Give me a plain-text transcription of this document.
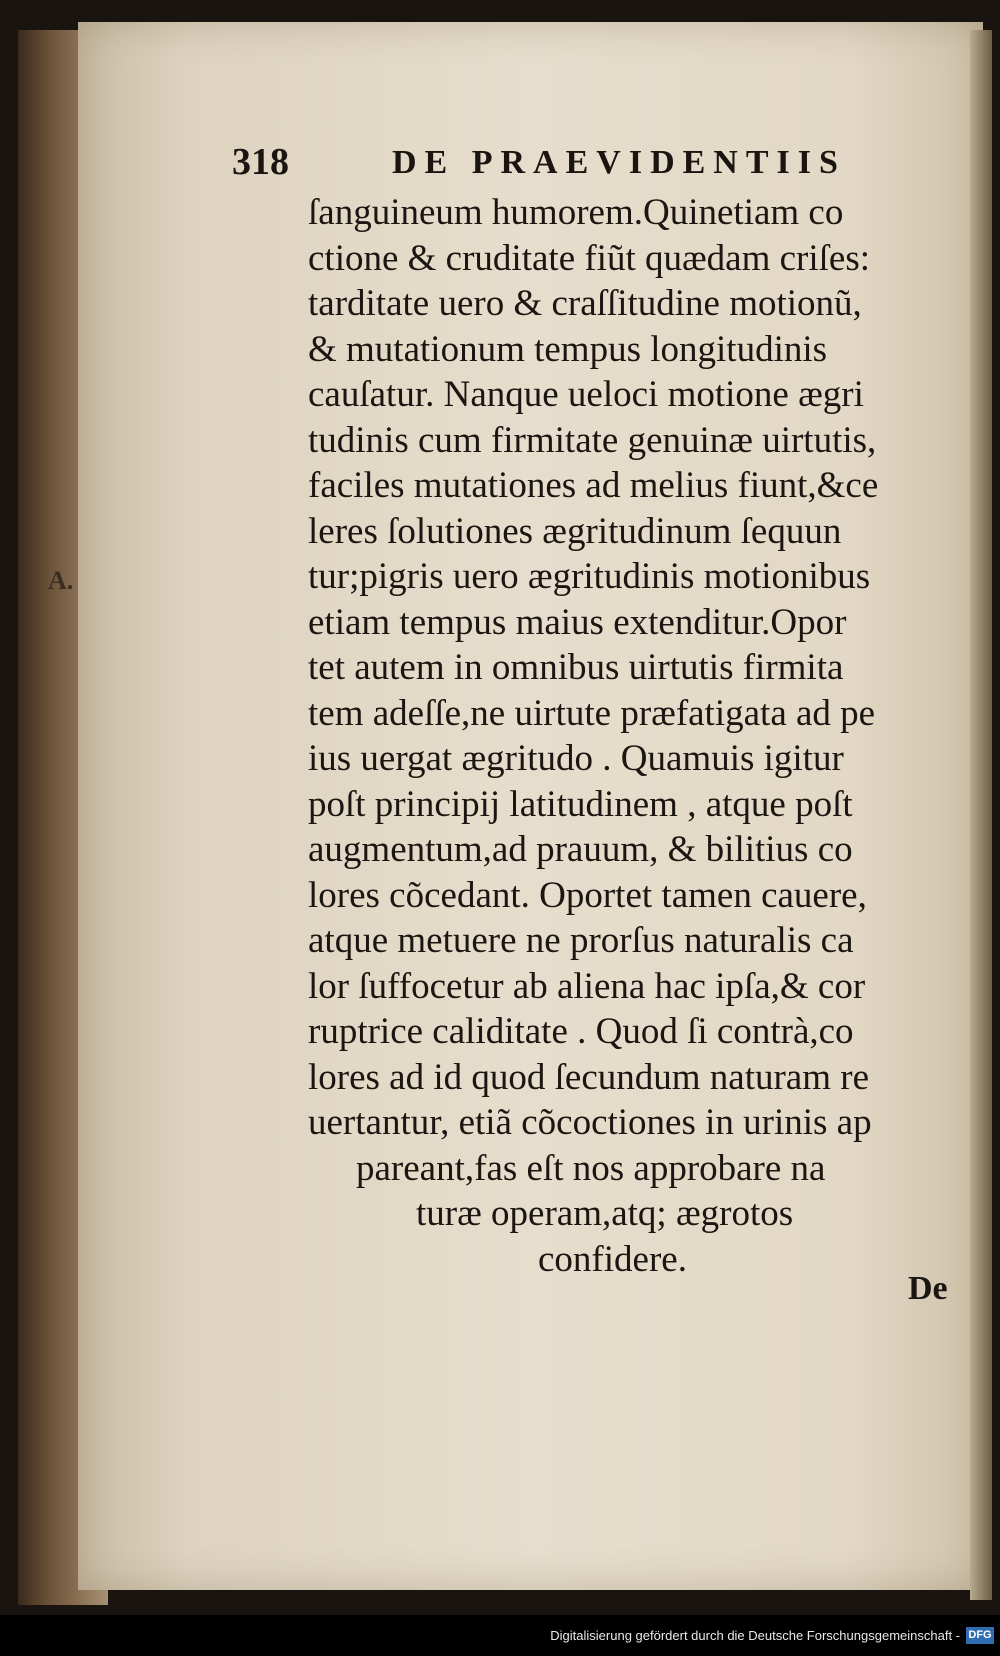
A.
318	DE PRAEVIDENTIIS
ſanguineum humorem.Quinetiam co
ctione & cruditate fiũt quædam criſes:
tarditate uero & craſſitudine motionũ,
& mutationum tempus longitudinis
cauſatur. Nanque ueloci motione ægri
tudinis cum firmitate genuinæ uirtutis,
faciles mutationes ad melius fiunt,&ce
leres ſolutiones ægritudinum ſequun
tur;pigris uero ægritudinis motionibus
etiam tempus maius extenditur.Opor
tet autem in omnibus uirtutis firmita
tem adeſſe,ne uirtute præfatigata ad pe
ius uergat ægritudo . Quamuis igitur
poſt principij latitudinem , atque poſt
augmentum,ad prauum, & bilitius co
lores cõcedant. Oportet tamen cauere,
atque metuere ne prorſus naturalis ca
lor ſuffocetur ab aliena hac ipſa,& cor
ruptrice caliditate . Quod ſi contrà,co
lores ad id quod ſecundum naturam re
uertantur, etiã cõcoctiones in urinis ap
pareant,fas eſt nos approbare na
turæ operam,atq; ægrotos
confidere.
De
Digitalisierung gefördert durch die Deutsche Forschungsgemeinschaft - DFG
